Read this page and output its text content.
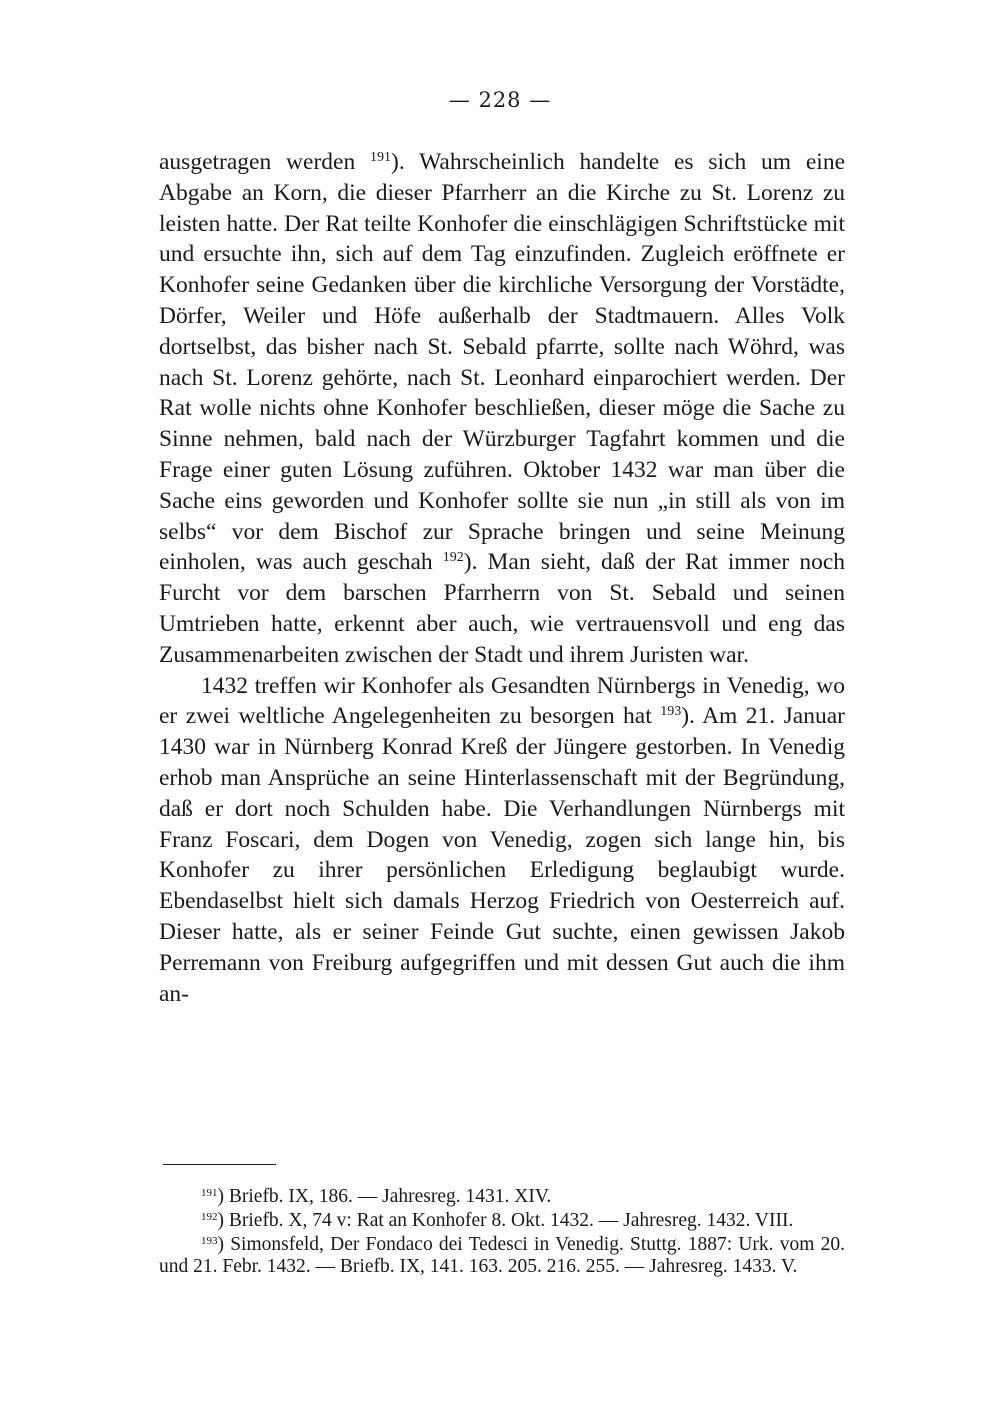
— 228 —

ausgetragen werden $^{191}$). Wahrscheinlich handelte es sich um eine Abgabe an Korn, die dieser Pfarrherr an die Kirche zu St. Lorenz zu leisten hatte. Der Rat teilte Konhofer die einschlägigen Schriftstücke mit und ersuchte ihn, sich auf dem Tag einzufinden. Zugleich eröffnete er Konhofer seine Gedanken über die kirchliche Versorgung der Vorstädte, Dörfer, Weiler und Höfe außerhalb der Stadtmauern. Alles Volk dortselbst, das bisher nach St. Sebald pfarrte, sollte nach Wöhrd, was nach St. Lorenz gehörte, nach St. Leonhard einparochiert werden. Der Rat wolle nichts ohne Konhofer beschließen, dieser möge die Sache zu Sinne nehmen, bald nach der Würzburger Tagfahrt kommen und die Frage einer guten Lösung zuführen. Oktober 1432 war man über die Sache eins geworden und Konhofer sollte sie nun „in still als von im selbs“ vor dem Bischof zur Sprache bringen und seine Meinung einholen, was auch geschah $^{192}$). Man sieht, daß der Rat immer noch Furcht vor dem barschen Pfarrherrn von St. Sebald und seinen Umtrieben hatte, erkennt aber auch, wie vertrauensvoll und eng das Zusammenarbeiten zwischen der Stadt und ihrem Juristen war.

1432 treffen wir Konhofer als Gesandten Nürnbergs in Venedig, wo er zwei weltliche Angelegenheiten zu besorgen hat $^{193}$). Am 21. Januar 1430 war in Nürnberg Konrad Kreß der Jüngere gestorben. In Venedig erhob man Ansprüche an seine Hinterlassenschaft mit der Begründung, daß er dort noch Schulden habe. Die Verhandlungen Nürnbergs mit Franz Foscari, dem Dogen von Venedig, zogen sich lange hin, bis Konhofer zu ihrer persönlichen Erledigung beglaubigt wurde. Ebendaselbst hielt sich damals Herzog Friedrich von Oesterreich auf. Dieser hatte, als er seiner Feinde Gut suchte, einen gewissen Jakob Perremann von Freiburg aufgegriffen und mit dessen Gut auch die ihm an-

$^{191}$) Briefb. IX, 186. — Jahresreg. 1431. XIV.

$^{192}$) Briefb. X, 74 v: Rat an Konhofer 8. Okt. 1432. — Jahresreg. 1432. VIII.

$^{193}$) Simonsfeld, Der Fondaco dei Tedesci in Venedig. Stuttg. 1887: Urk. vom 20. und 21. Febr. 1432. — Briefb. IX, 141. 163. 205. 216. 255. — Jahresreg. 1433. V.
